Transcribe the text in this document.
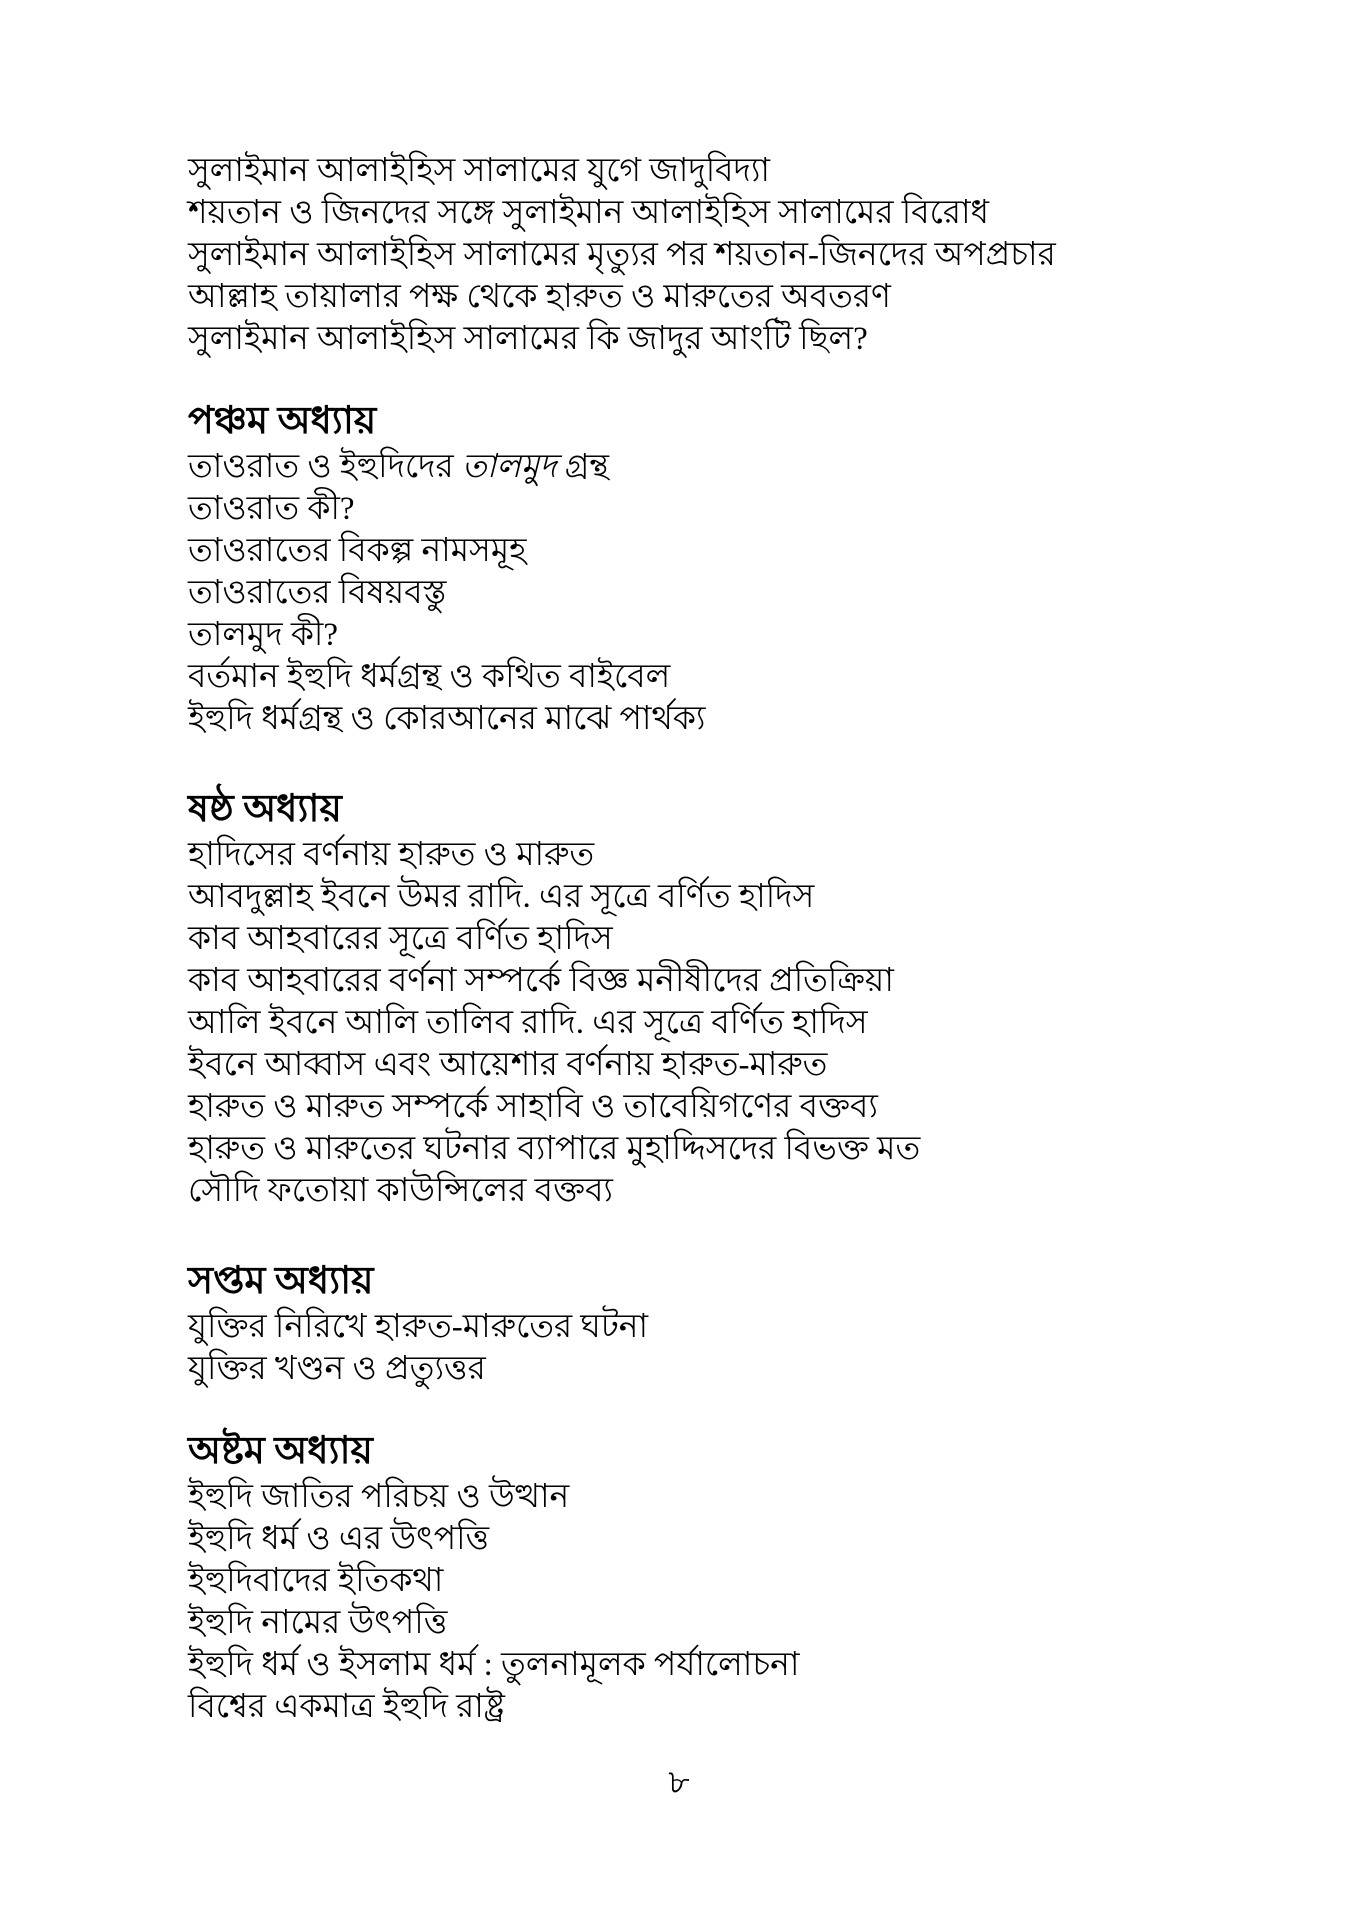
সুলাইমান আলাইহিস সালামের যুগে জাদুবিদ্যা

শয়তান ও জিনদের সঙ্গে সুলাইমান আলাইহিস সালামের বিরোধ

সুলাইমান আলাইহিস সালামের মৃত্যুর পর শয়তান-জিনদের অপপ্রচার

আল্লাহ তায়ালার পক্ষ থেকে হারুত ও মারুতের অবতরণ

সুলাইমান আলাইহিস সালামের কি জাদুর আংটি ছিল?

পঞ্চম অধ্যায়

তাওরাত ও ইহুদিদের তালমুদ গ্রন্থ

তাওরাত কী?

তাওরাতের বিকল্প নামসমূহ

তাওরাতের বিষয়বস্তু

তালমুদ কী?

বর্তমান ইহুদি ধর্মগ্রন্থ ও কথিত বাইবেল

ইহুদি ধর্মগ্রন্থ ও কোরআনের মাঝে পার্থক্য

ষষ্ঠ অধ্যায়

হাদিসের বর্ণনায় হারুত ও মারুত

আবদুল্লাহ ইবনে উমর রাদি. এর সূত্রে বর্ণিত হাদিস

কাব আহবারের সূত্রে বর্ণিত হাদিস

কাব আহবারের বর্ণনা সম্পর্কে বিজ্ঞ মনীষীদের প্রতিক্রিয়া

আলি ইবনে আলি তালিব রাদি. এর সূত্রে বর্ণিত হাদিস

ইবনে আব্বাস এবং আয়েশার বর্ণনায় হারুত-মারুত

হারুত ও মারুত সম্পর্কে সাহাবি ও তাবেয়িগণের বক্তব্য

হারুত ও মারুতের ঘটনার ব্যাপারে মুহাদ্দিসদের বিভক্ত মত

সৌদি ফতোয়া কাউন্সিলের বক্তব্য

সপ্তম অধ্যায়

যুক্তির নিরিখে হারুত-মারুতের ঘটনা

যুক্তির খণ্ডন ও প্রত্যুত্তর

অষ্টম অধ্যায়

ইহুদি জাতির পরিচয় ও উত্থান

ইহুদি ধর্ম ও এর উৎপত্তি

ইহুদিবাদের ইতিকথা

ইহুদি নামের উৎপত্তি

ইহুদি ধর্ম ও ইসলাম ধর্ম : তুলনামূলক পর্যালোচনা

বিশ্বের একমাত্র ইহুদি রাষ্ট্র

৮
